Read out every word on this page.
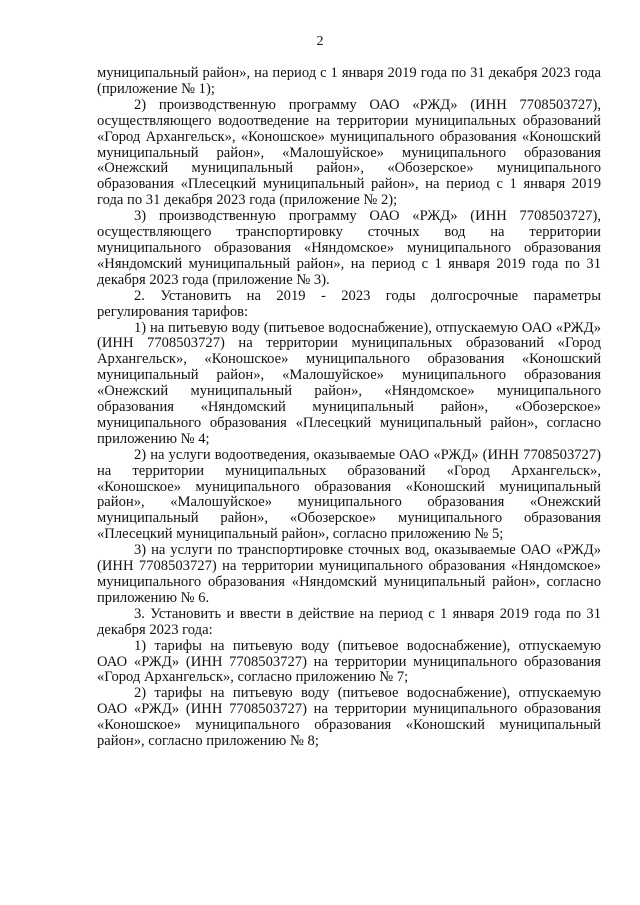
2

муниципальный район», на период с 1 января 2019 года по 31 декабря 2023 года (приложение № 1);

2) производственную программу ОАО «РЖД» (ИНН 7708503727), осуществляющего водоотведение на территории муниципальных образований «Город Архангельск», «Коношское» муниципального образования «Коношский муниципальный район», «Малошуйское» муниципального образования «Онежский муниципальный район», «Обозерское» муниципального образования «Плесецкий муниципальный район», на период с 1 января 2019 года по 31 декабря 2023 года (приложение № 2);

3) производственную программу ОАО «РЖД» (ИНН 7708503727), осуществляющего транспортировку сточных вод на территории муниципального образования «Няндомское» муниципального образования «Няндомский муниципальный район», на период с 1 января 2019 года по 31 декабря 2023 года (приложение № 3).

2. Установить на 2019 - 2023 годы долгосрочные параметры регулирования тарифов:

1) на питьевую воду (питьевое водоснабжение), отпускаемую ОАО «РЖД» (ИНН 7708503727) на территории муниципальных образований «Город Архангельск», «Коношское» муниципального образования «Коношский муниципальный район», «Малошуйское» муниципального образования «Онежский муниципальный район», «Няндомское» муниципального образования «Няндомский муниципальный район», «Обозерское» муниципального образования «Плесецкий муниципальный район», согласно приложению № 4;

2) на услуги водоотведения, оказываемые ОАО «РЖД» (ИНН 7708503727) на территории муниципальных образований «Город Архангельск», «Коношское» муниципального образования «Коношский муниципальный район», «Малошуйское» муниципального образования «Онежский муниципальный район», «Обозерское» муниципального образования «Плесецкий муниципальный район», согласно приложению № 5;

3) на услуги по транспортировке сточных вод, оказываемые ОАО «РЖД» (ИНН 7708503727) на территории муниципального образования «Няндомское» муниципального образования «Няндомский муниципальный район», согласно приложению № 6.

3. Установить и ввести в действие на период с 1 января 2019 года по 31 декабря 2023 года:

1) тарифы на питьевую воду (питьевое водоснабжение), отпускаемую ОАО «РЖД» (ИНН 7708503727) на территории муниципального образования «Город Архангельск», согласно приложению № 7;

2) тарифы на питьевую воду (питьевое водоснабжение), отпускаемую ОАО «РЖД» (ИНН 7708503727) на территории муниципального образования «Коношское» муниципального образования «Коношский муниципальный район», согласно приложению № 8;
